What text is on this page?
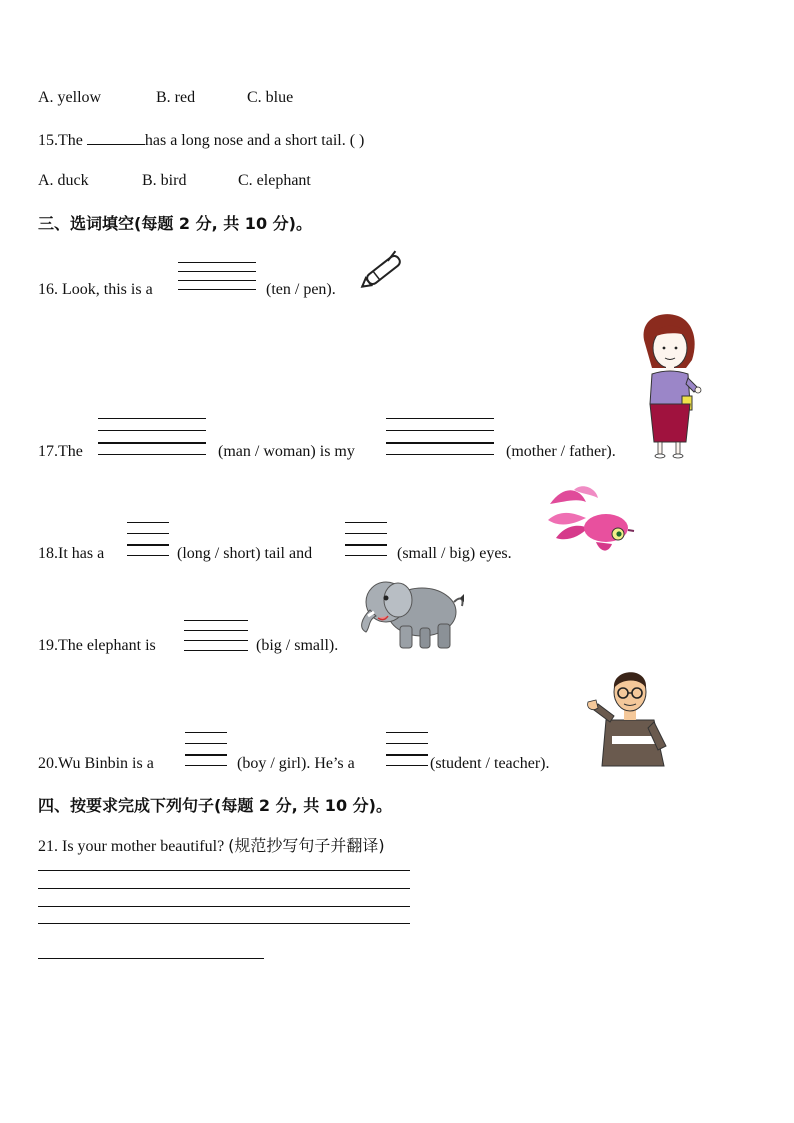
A. yellow	B. red	C. blue
15.The	has a long nose and a short tail. ( )
A. duck	B. bird	C. elephant
三、选词填空(每题 2 分, 共 10 分)。
16. Look, this is a	(ten / pen).
17.The	(man / woman) is my	(mother / father).
18.It has a	(long / short) tail and	(small / big) eyes.
19.The elephant is	(big / small).
20.Wu Binbin is a	(boy / girl). He’s a	(student / teacher).
四、按要求完成下列句子(每题 2 分, 共 10 分)。
21. Is your mother beautiful? (规范抄写句子并翻译)
